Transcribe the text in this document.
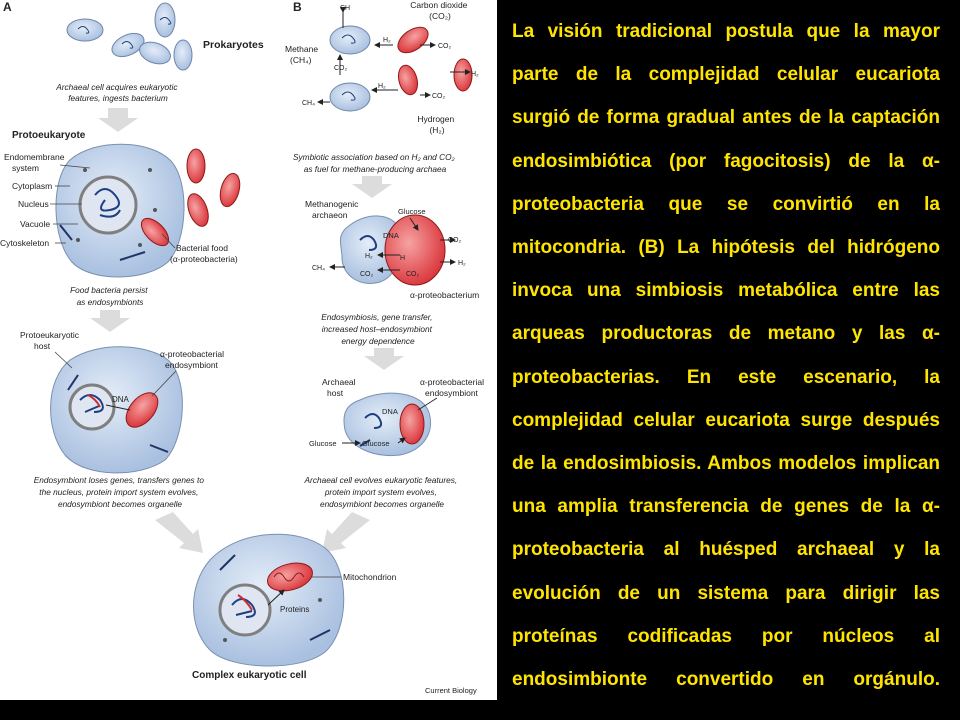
A
Prokaryotes
Archaeal cell acquires eukaryotic features, ingests bacterium
Protoeukaryote
Endomembrane system
Cytoplasm
Nucleus
Vacuole
Cytoskeleton	Bacterial food (α-proteobacteria)
Food bacteria persist as endosymbionts
Protoeukaryotic host
α-proteobacterial endosymbiont
DNA
Endosymbiont loses genes, transfers genes to the nucleus, protein import system evolves, endosymbiont becomes organelle
B	CH	Carbon dioxide (CO₂)
Methane (CH₄)
H₂
CO₂
H₂
H₂
CO₂
CO₂
CH₄
Hydrogen (H₂)
Symbiotic association based on H₂ and CO₂ as fuel for methane-producing archaea
Methanogenic archaeon	Glucose
DNA
CO₂
H₂
H₂
CO₂
H
CO₂
CH₄
α-proteobacterium
Endosymbiosis, gene transfer, increased host–endosymbiont energy dependence
Archaeal host
α-proteobacterial endosymbiont
DNA
Glucose	Glucose
Archaeal cell evolves eukaryotic features, protein import system evolves, endosymbiont becomes organelle
Mitochondrion
Proteins
Complex eukaryotic cell
Current Biology

La visión tradicional postula que la mayor parte de la complejidad celular eucariota surgió de forma gradual antes de la captación endosimbiótica (por fagocitosis) de la α-proteobacteria que se convirtió en la mitocondria. (B) La hipótesis del hidrógeno invoca una simbiosis metabólica entre las arqueas productoras de metano y las α-proteobacterias. En este escenario, la complejidad celular eucariota surge después de la endosimbiosis. Ambos modelos implican una amplia transferencia de genes de la α-proteobacteria al huésped archaeal y la evolución de un sistema para dirigir las proteínas codificadas por núcleos al endosimbionte convertido en orgánulo.
